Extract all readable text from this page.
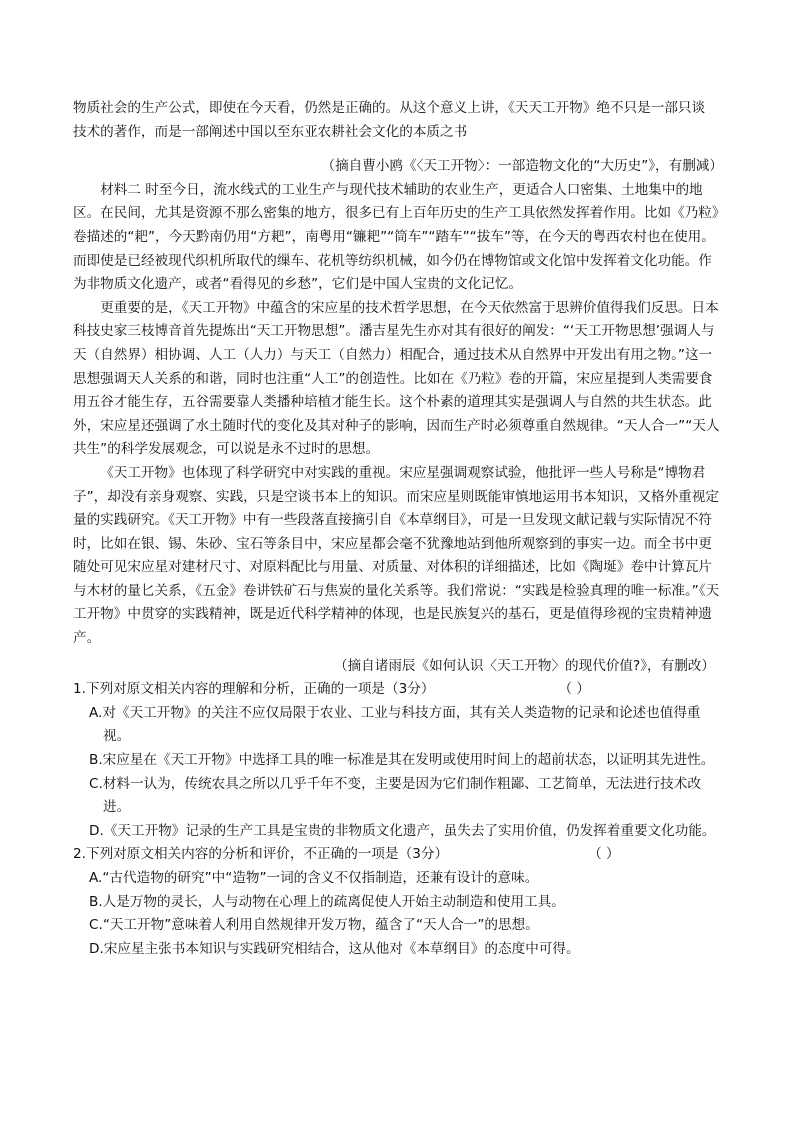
物质社会的生产公式，即使在今天看，仍然是正确的。从这个意义上讲，《天天工开物》绝不只是一部只谈
技术的著作，而是一部阐述中国以至东亚农耕社会文化的本质之书

（摘自曹小鸥《〈天工开物〉：一部造物文化的“大历史”》，有删减）

材料二 时至今日，流水线式的工业生产与现代技术辅助的农业生产，更适合人口密集、土地集中的地区。在民间，尤其是资源不那么密集的地方，很多已有上百年历史的生产工具依然发挥着作用。比如《乃粒》卷描述的“耙”，今天黔南仍用“方耙”，南粤用“镰耙”“筒车”“踏车”“拔车”等，在今天的粤西农村也在使用。而即使是已经被现代织机所取代的缫车、花机等纺织机械，如今仍在博物馆或文化馆中发挥着文化功能。作为非物质文化遗产，或者“看得见的乡愁”，它们是中国人宝贵的文化记忆。

更重要的是，《天工开物》中蕴含的宋应星的技术哲学思想，在今天依然富于思辨价值得我们反思。日本科技史家三枝博音首先提炼出“天工开物思想”。潘吉星先生亦对其有很好的阐发：“‘天工开物思想’强调人与天（自然界）相协调、人工（人力）与天工（自然力）相配合，通过技术从自然界中开发出有用之物。”这一思想强调天人关系的和谐，同时也注重“人工”的创造性。比如在《乃粒》卷的开篇，宋应星提到人类需要食用五谷才能生存，五谷需要靠人类播种培植才能生长。这个朴素的道理其实是强调人与自然的共生状态。此外，宋应星还强调了水土随时代的变化及其对种子的影响，因而生产时必须尊重自然规律。“天人合一”“天人共生”的科学发展观念，可以说是永不过时的思想。

《天工开物》也体现了科学研究中对实践的重视。宋应星强调观察试验，他批评一些人号称是“博物君子”，却没有亲身观察、实践，只是空谈书本上的知识。而宋应星则既能审慎地运用书本知识，又格外重视定量的实践研究。《天工开物》中有一些段落直接摘引自《本草纲目》，可是一旦发现文献记载与实际情况不符时，比如在银、锡、朱砂、宝石等条目中，宋应星都会毫不犹豫地站到他所观察到的事实一边。而全书中更随处可见宋应星对建材尺寸、对原料配比与用量、对质量、对体积的详细描述，比如《陶埏》卷中计算瓦片与木材的量匕关系，《五金》卷讲铁矿石与焦炭的量化关系等。我们常说：“实践是检验真理的唯一标准。”《天工开物》中贯穿的实践精神，既是近代科学精神的体现，也是民族复兴的基石，更是值得珍视的宝贵精神遗产。

（摘自诸雨辰《如何认识〈天工开物〉的现代价值?》，有删改）

1.下列对原文相关内容的理解和分析，正确的一项是（3分）	（ ）

A.对《天工开物》的关注不应仅局限于农业、工业与科技方面，其有关人类造物的记录和论述也值得重
视。

B.宋应星在《天工开物》中选择工具的唯一标准是其在发明或使用时间上的超前状态，以证明其先进性。

C.材料一认为，传统农具之所以几乎千年不变，主要是因为它们制作粗鄙、工艺简单，无法进行技术改
进。

D.《天工开物》记录的生产工具是宝贵的非物质文化遗产，虽失去了实用价值，仍发挥着重要文化功能。

2.下列对原文相关内容的分析和评价，不正确的一项是（3分）	（ ）

A.“古代造物的研究”中“造物”一词的含义不仅指制造，还兼有设计的意味。

B.人是万物的灵长，人与动物在心理上的疏离促使人开始主动制造和使用工具。

C.“天工开物”意味着人利用自然规律开发万物，蕴含了“天人合一”的思想。

D.宋应星主张书本知识与实践研究相结合，这从他对《本草纲目》的态度中可得。
